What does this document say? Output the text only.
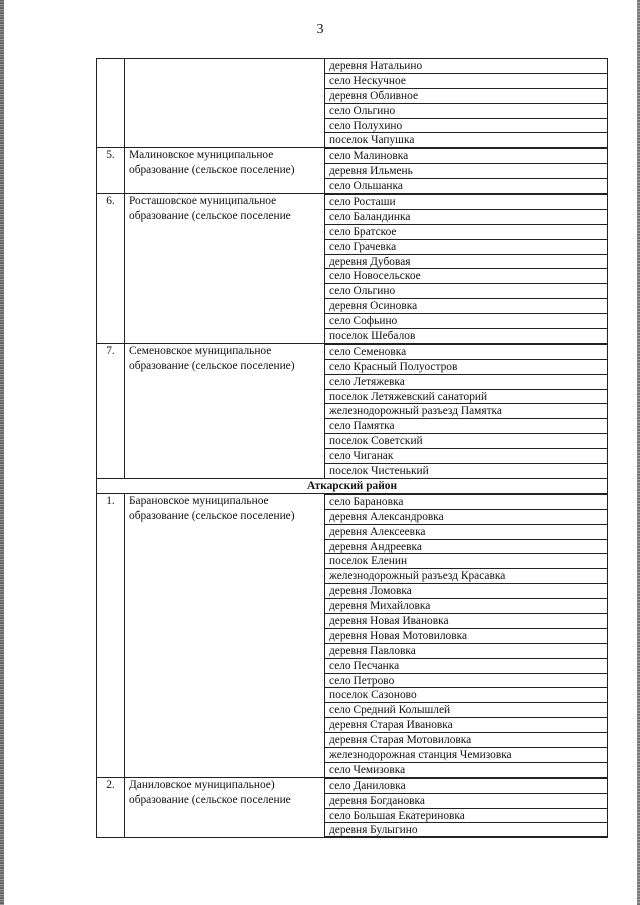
3
деревня Натальино
село Нескучное
деревня Обливное
село Ольгино
село Полухино
поселок Чапушка
5.	Малиновское муниципальное образование (сельское поселение)
село Малиновка
деревня Ильмень
село Ольшанка
6.	Росташовское муниципальное образование (сельское поселение
село Росташи
село Баландинка
село Братское
село Грачевка
деревня Дубовая
село Новосельское
село Ольгино
деревня Осиновка
село Софьино
поселок Шебалов
7.	Семеновское муниципальное образование (сельское поселение)
село Семеновка
село Красный Полуостров
село Летяжевка
поселок Летяжевский санаторий
железнодорожный разъезд Памятка
село Памятка
поселок Советский
село Чиганак
поселок Чистенький
Аткарский район
1.	Барановское муниципальное образование (сельское поселение)
село Барановка
деревня Александровка
деревня Алексеевка
деревня Андреевка
поселок Еленин
железнодорожный разъезд Красавка
деревня Ломовка
деревня Михайловка
деревня Новая Ивановка
деревня Новая Мотовиловка
деревня Павловка
село Песчанка
село Петрово
поселок Сазоново
село Средний Колышлей
деревня Старая Ивановка
деревня Старая Мотовиловка
железнодорожная станция Чемизовка
село Чемизовка
2.	Даниловское муниципальное) образование (сельское поселение
село Даниловка
деревня Богдановка
село Большая Екатериновка
деревня Булыгино
